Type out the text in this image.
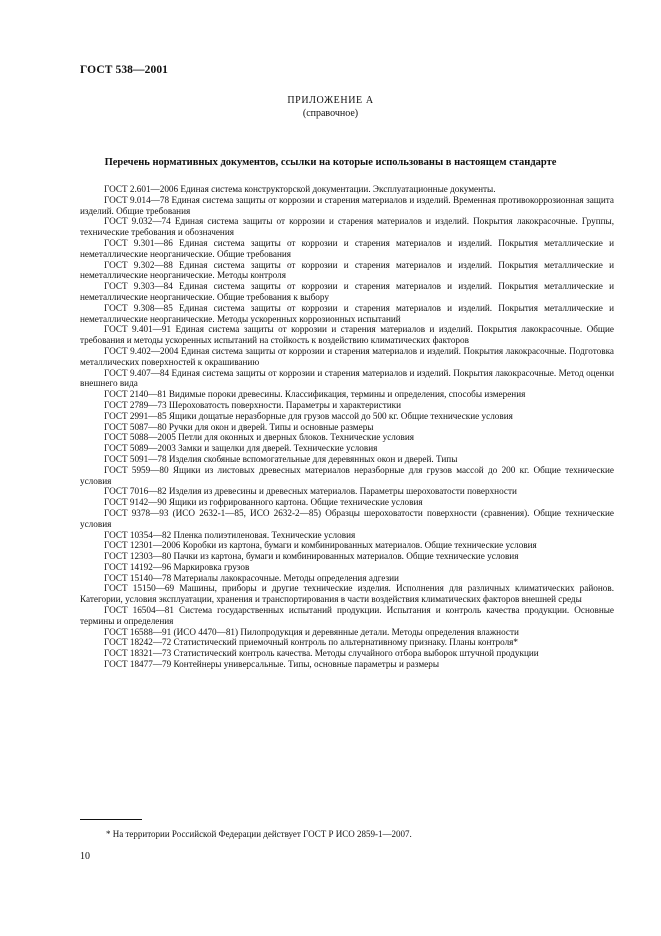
ГОСТ 538—2001
ПРИЛОЖЕНИЕ А
(справочное)
Перечень нормативных документов, ссылки на которые использованы в настоящем стандарте
ГОСТ 2.601—2006 Единая система конструкторской документации. Эксплуатационные документы.
ГОСТ 9.014—78 Единая система защиты от коррозии и старения материалов и изделий. Временная противокоррозионная защита изделий. Общие требования
ГОСТ 9.032—74 Единая система защиты от коррозии и старения материалов и изделий. Покрытия лакокрасочные. Группы, технические требования и обозначения
ГОСТ 9.301—86 Единая система защиты от коррозии и старения материалов и изделий. Покрытия металлические и неметаллические неорганические. Общие требования
ГОСТ 9.302—88 Единая система защиты от коррозии и старения материалов и изделий. Покрытия металлические и неметаллические неорганические. Методы контроля
ГОСТ 9.303—84 Единая система защиты от коррозии и старения материалов и изделий. Покрытия металлические и неметаллические неорганические. Общие требования к выбору
ГОСТ 9.308—85 Единая система защиты от коррозии и старения материалов и изделий. Покрытия металлические и неметаллические неорганические. Методы ускоренных коррозионных испытаний
ГОСТ 9.401—91 Единая система защиты от коррозии и старения материалов и изделий. Покрытия лакокрасочные. Общие требования и методы ускоренных испытаний на стойкость к воздействию климатических факторов
ГОСТ 9.402—2004 Единая система защиты от коррозии и старения материалов и изделий. Покрытия лакокрасочные. Подготовка металлических поверхностей к окрашиванию
ГОСТ 9.407—84 Единая система защиты от коррозии и старения материалов и изделий. Покрытия лакокрасочные. Метод оценки внешнего вида
ГОСТ 2140—81 Видимые пороки древесины. Классификация, термины и определения, способы измерения
ГОСТ 2789—73 Шероховатость поверхности. Параметры и характеристики
ГОСТ 2991—85 Ящики дощатые неразборные для грузов массой до 500 кг. Общие технические условия
ГОСТ 5087—80 Ручки для окон и дверей. Типы и основные размеры
ГОСТ 5088—2005 Петли для оконных и дверных блоков. Технические условия
ГОСТ 5089—2003 Замки и защелки для дверей. Технические условия
ГОСТ 5091—78 Изделия скобяные вспомогательные для деревянных окон и дверей. Типы
ГОСТ 5959—80 Ящики из листовых древесных материалов неразборные для грузов массой до 200 кг. Общие технические условия
ГОСТ 7016—82 Изделия из древесины и древесных материалов. Параметры шероховатости поверхности
ГОСТ 9142—90 Ящики из гофрированного картона. Общие технические условия
ГОСТ 9378—93 (ИСО 2632-1—85, ИСО 2632-2—85) Образцы шероховатости поверхности (сравнения). Общие технические условия
ГОСТ 10354—82 Пленка полиэтиленовая. Технические условия
ГОСТ 12301—2006 Коробки из картона, бумаги и комбинированных материалов. Общие технические условия
ГОСТ 12303—80 Пачки из картона, бумаги и комбинированных материалов. Общие технические условия
ГОСТ 14192—96 Маркировка грузов
ГОСТ 15140—78 Материалы лакокрасочные. Методы определения адгезии
ГОСТ 15150—69 Машины, приборы и другие технические изделия. Исполнения для различных климатических районов. Категории, условия эксплуатации, хранения и транспортирования в части воздействия климатических факторов внешней среды
ГОСТ 16504—81 Система государственных испытаний продукции. Испытания и контроль качества продукции. Основные термины и определения
ГОСТ 16588—91 (ИСО 4470—81) Пилопродукция и деревянные детали. Методы определения влажности
ГОСТ 18242—72 Статистический приемочный контроль по альтернативному признаку. Планы контроля*
ГОСТ 18321—73 Статистический контроль качества. Методы случайного отбора выборок штучной продукции
ГОСТ 18477—79 Контейнеры универсальные. Типы, основные параметры и размеры
* На территории Российской Федерации действует ГОСТ Р ИСО 2859-1—2007.
10
